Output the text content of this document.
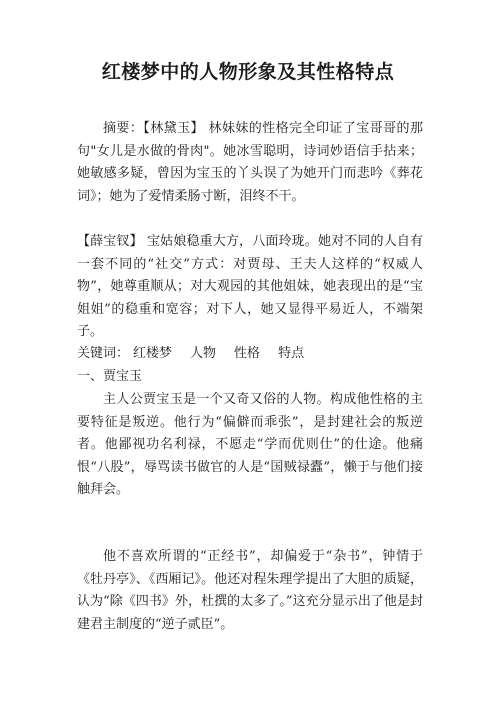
红楼梦中的人物形象及其性格特点
摘要：【林黛玉】 林妹妹的性格完全印证了宝哥哥的那句"女儿是水做的骨肉"。她冰雪聪明，诗词妙语信手拈来；她敏感多疑，曾因为宝玉的丫头误了为她开门而悲吟《葬花词》；她为了爱情柔肠寸断，泪终不干。
【薛宝钗】 宝姑娘稳重大方，八面玲珑。她对不同的人自有一套不同的“社交”方式：对贾母、王夫人这样的“权威人物”，她尊重顺从；对大观园的其他姐妹，她表现出的是“宝姐姐”的稳重和宽容；对下人，她又显得平易近人，不端架子。
关键词： 红楼梦 人物 性格 特点
一、贾宝玉
主人公贾宝玉是一个又奇又俗的人物。构成他性格的主要特征是叛逆。他行为“偏僻而乖张”，是封建社会的叛逆者。他鄙视功名利禄，不愿走“学而优则仕”的仕途。他痛恨“八股”，辱骂读书做官的人是“国贼禄蠹”，懒于与他们接触拜会。
他不喜欢所谓的“正经书”，却偏爱于“杂书”，钟情于《牡丹亭》、《西厢记》。他还对程朱理学提出了大胆的质疑，认为“除《四书》外，杜撰的太多了。”这充分显示出了他是封建君主制度的“逆子贰臣”。
